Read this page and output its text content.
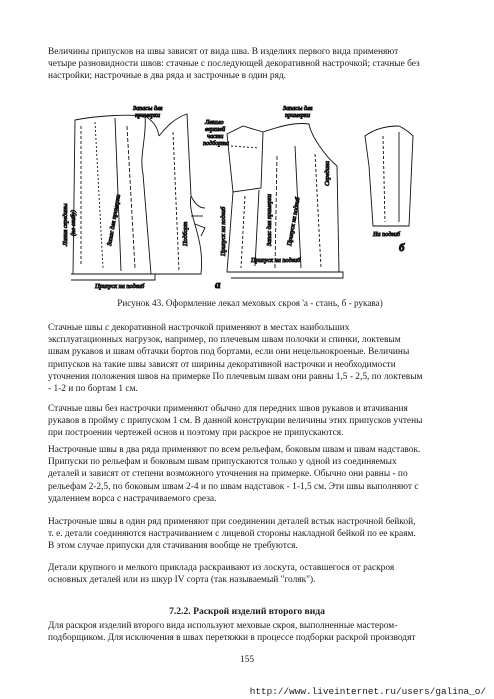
Величины припусков на швы зависят от вида шва. В изделиях первого вида применяют
четыре разновидности швов: стачные с последующей декоративной настрочкой; стачные без
настройки; настрочные в два ряда и застрочные в один ряд.
Запасы для
примерки
Запасы для
примерки
Лекало
верхней
части
подборта
Линия середины (по сгибу)	Запас для примерки	Подборт	Припуск на подгиб	Запас для примерки Припуск на подгиб
Середина
Припуск на подгиб
Припуск на подгиб
На подгиб
а
б
Рисунок 43. Оформление лекал меховых скроя 'а - стань, б - рукава)
Стачные швы с декоративной настрочкой применяют в местах наибольших
эксплуатационных нагрузок, например, по плечевым швам полочки и спинки, локтевым
швам рукавов и швам обтачки бортов под бортами, если они нецельнокроеные. Величины
припусков на такие швы зависят от ширины декоративной настрочки и необходимости
уточнения положения швов на примерке По плечевым швам они равны 1,5 - 2,5, по локтевым
- 1-2 и по бортам 1 см.
Стачные швы без настрочки применяют обычно для передних швов рукавов и втачивания
рукавов в пройму с припуском 1 см. В данной конструкции величины этих припусков учтены
при построении чертежей основ и поэтому при раскрое не припускаются.
Настрочные швы в два ряда применяют по всем рельефам, боковым швам и швам надставок.
Припуски по рельефам и боковым швам припускаются только у одной из соединяемых
деталей и зависят от степени возможного уточнения на примерке. Обычно они равны - по
рельефам 2-2,5, по боковым швам 2-4 и по швам надставок - 1-1,5 см. Эти швы выполняют с
удалением ворса с настрачиваемого среза.
Настрочные швы в один ряд применяют при соединении деталей встык настрочной бейкой,
т. е. детали соединяются настрачиванием с лицевой стороны накладной бейкой по ее краям.
В этом случае припуски для стачивания вообще не требуются.
Детали крупного и мелкого приклада раскраивают из лоскута, оставшегося от раскроя
основных деталей или из шкур IV сорта (так называемый "голяк").
7.2.2. Раскрой изделий второго вида
Для раскроя изделий второго вида используют меховые скроя, выполненные мастером-
подборщиком. Для исключения в швах перетяжки в процессе подборки раскрой производят
155
http://www.liveinternet.ru/users/galina_o/
